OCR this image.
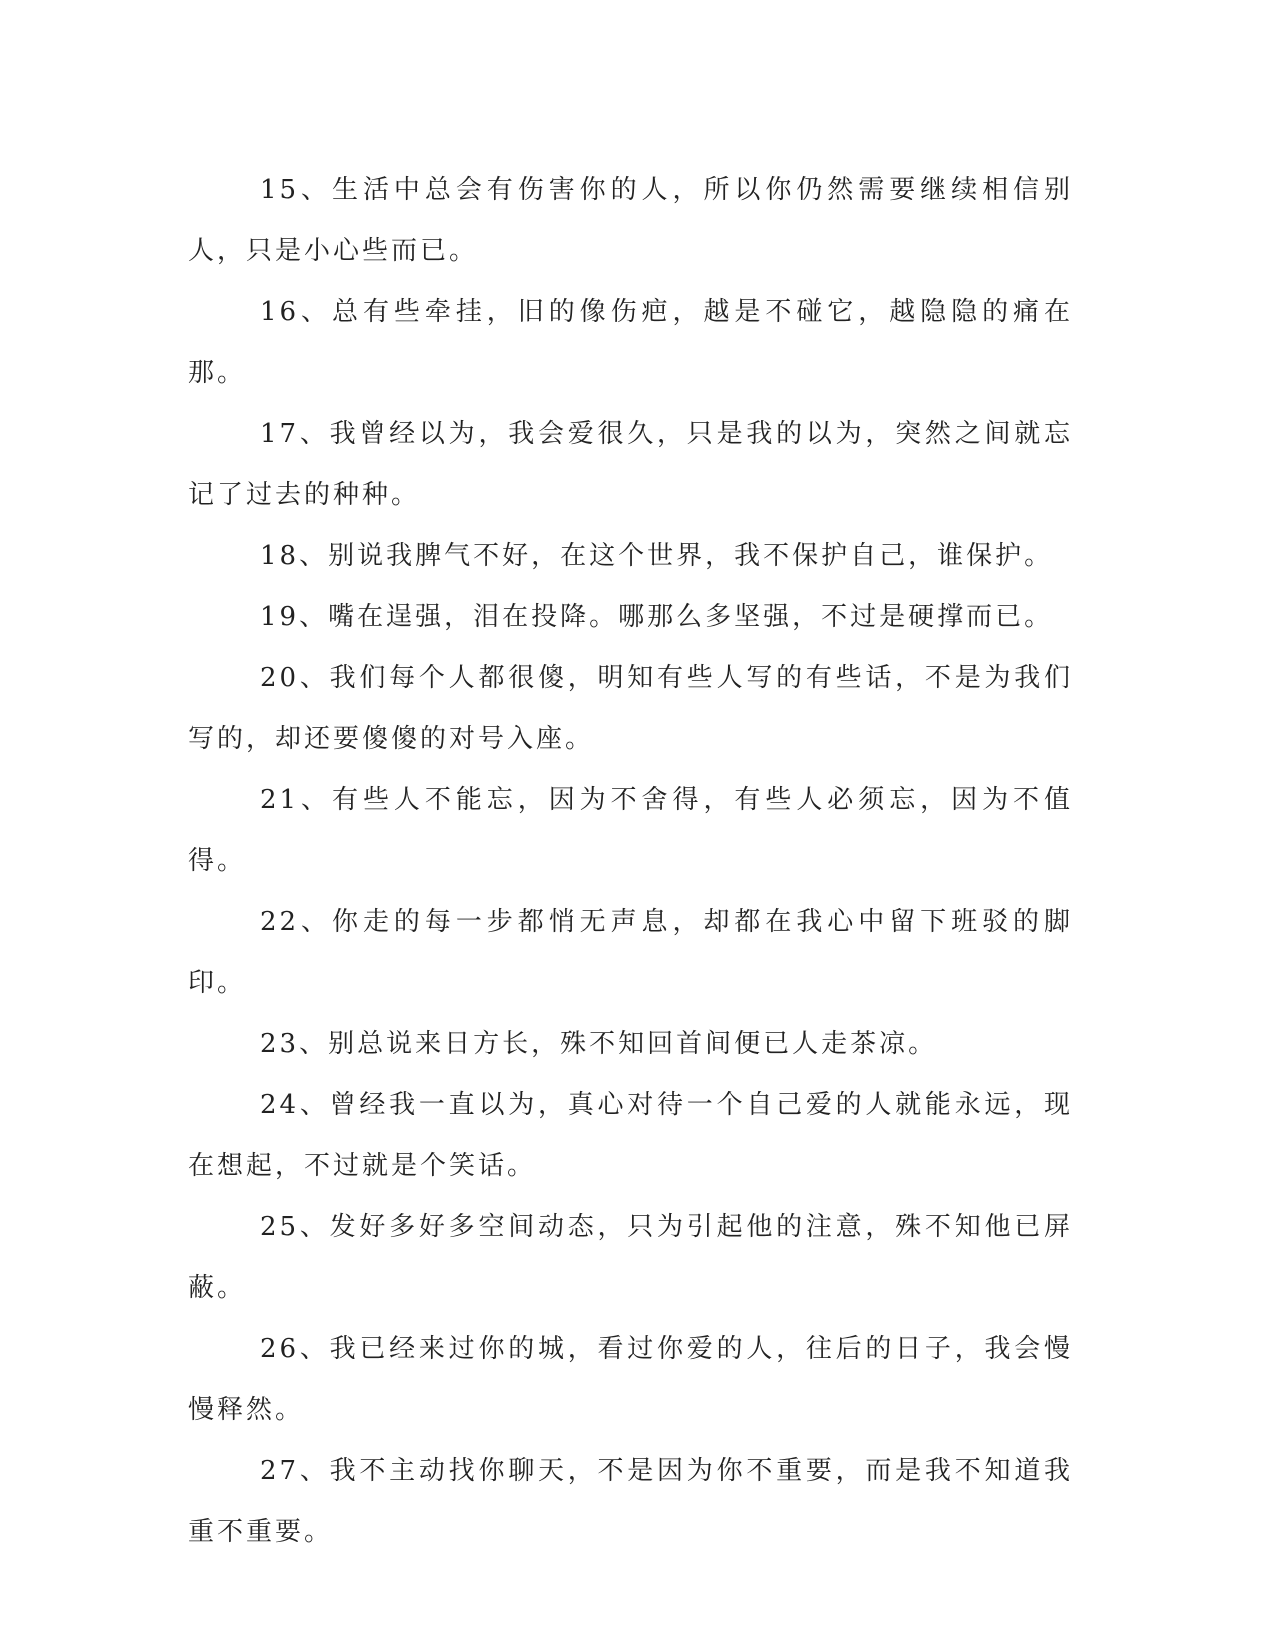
15、生活中总会有伤害你的人，所以你仍然需要继续相信别人，只是小心些而已。

16、总有些牵挂，旧的像伤疤，越是不碰它，越隐隐的痛在那。

17、我曾经以为，我会爱很久，只是我的以为，突然之间就忘记了过去的种种。

18、别说我脾气不好，在这个世界，我不保护自己，谁保护。

19、嘴在逞强，泪在投降。哪那么多坚强，不过是硬撑而已。

20、我们每个人都很傻，明知有些人写的有些话，不是为我们写的，却还要傻傻的对号入座。

21、有些人不能忘，因为不舍得，有些人必须忘，因为不值得。

22、你走的每一步都悄无声息，却都在我心中留下班驳的脚印。

23、别总说来日方长，殊不知回首间便已人走茶凉。

24、曾经我一直以为，真心对待一个自己爱的人就能永远，现在想起，不过就是个笑话。

25、发好多好多空间动态，只为引起他的注意，殊不知他已屏蔽。

26、我已经来过你的城，看过你爱的人，往后的日子，我会慢慢释然。

27、我不主动找你聊天，不是因为你不重要，而是我不知道我重不重要。
